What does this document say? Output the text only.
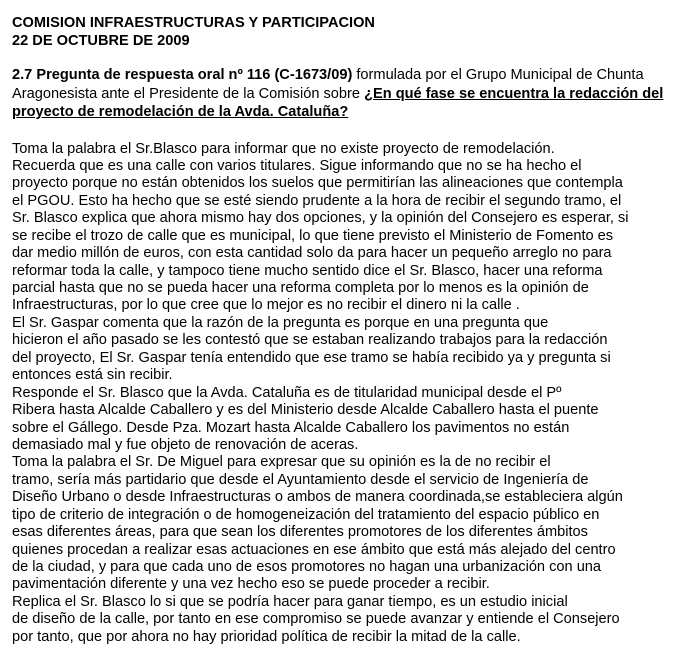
COMISION INFRAESTRUCTURAS Y PARTICIPACION
22 DE OCTUBRE DE 2009
2.7 Pregunta de respuesta oral nº 116 (C-1673/09) formulada por el Grupo Municipal de Chunta Aragonesista ante el Presidente de la Comisión sobre ¿En qué fase se encuentra la redacción del proyecto de remodelación de la Avda. Cataluña?
Toma la palabra el Sr.Blasco para informar que no existe proyecto de remodelación.
Recuerda que es una calle con varios titulares. Sigue informando que no se ha hecho el
proyecto porque no están obtenidos los suelos que permitirían las alineaciones que contempla
el PGOU. Esto ha hecho que se esté siendo prudente a la hora de recibir el segundo tramo, el
Sr. Blasco explica que ahora mismo hay dos opciones, y la opinión del Consejero es esperar, si
se recibe el trozo de calle que es municipal, lo que tiene previsto el Ministerio de Fomento es
dar medio millón de euros, con esta cantidad solo da para hacer un pequeño arreglo no para
reformar toda la calle, y tampoco tiene mucho sentido dice el Sr. Blasco, hacer una reforma
parcial hasta que no se pueda hacer una reforma completa por lo menos es la opinión de
Infraestructuras, por lo que cree que lo mejor es no recibir el dinero ni la calle .
El Sr. Gaspar comenta que la razón de la pregunta es porque en una pregunta que
hicieron el año pasado se les contestó que se estaban realizando trabajos para la redacción
del proyecto, El Sr. Gaspar tenía entendido que ese tramo se había recibido ya y pregunta si
entonces está sin recibir.
Responde el Sr. Blasco que la Avda. Cataluña es de titularidad municipal desde el Pº
Ribera hasta Alcalde Caballero y es del Ministerio desde Alcalde Caballero hasta el puente
sobre el Gállego. Desde Pza. Mozart hasta Alcalde Caballero los pavimentos no están
demasiado mal y fue objeto de renovación de aceras.
Toma la palabra el Sr. De Miguel para expresar que su opinión es la de no recibir el
tramo, sería más partidario que desde el Ayuntamiento desde el servicio de Ingeniería de
Diseño Urbano o desde Infraestructuras o ambos de manera coordinada,se estableciera algún
tipo de criterio de integración o de homogeneización del tratamiento del espacio público en
esas diferentes áreas, para que sean los diferentes promotores de los diferentes ámbitos
quienes procedan a realizar esas actuaciones en ese ámbito que está más alejado del centro
de la ciudad, y para que cada uno de esos promotores no hagan una urbanización con una
pavimentación diferente y una vez hecho eso se puede proceder a recibir.
Replica el Sr. Blasco lo si que se podría hacer para ganar tiempo, es un estudio inicial
de diseño de la calle, por tanto en ese compromiso se puede avanzar y entiende el Consejero
por tanto, que por ahora no hay prioridad política de recibir la mitad de la calle.
